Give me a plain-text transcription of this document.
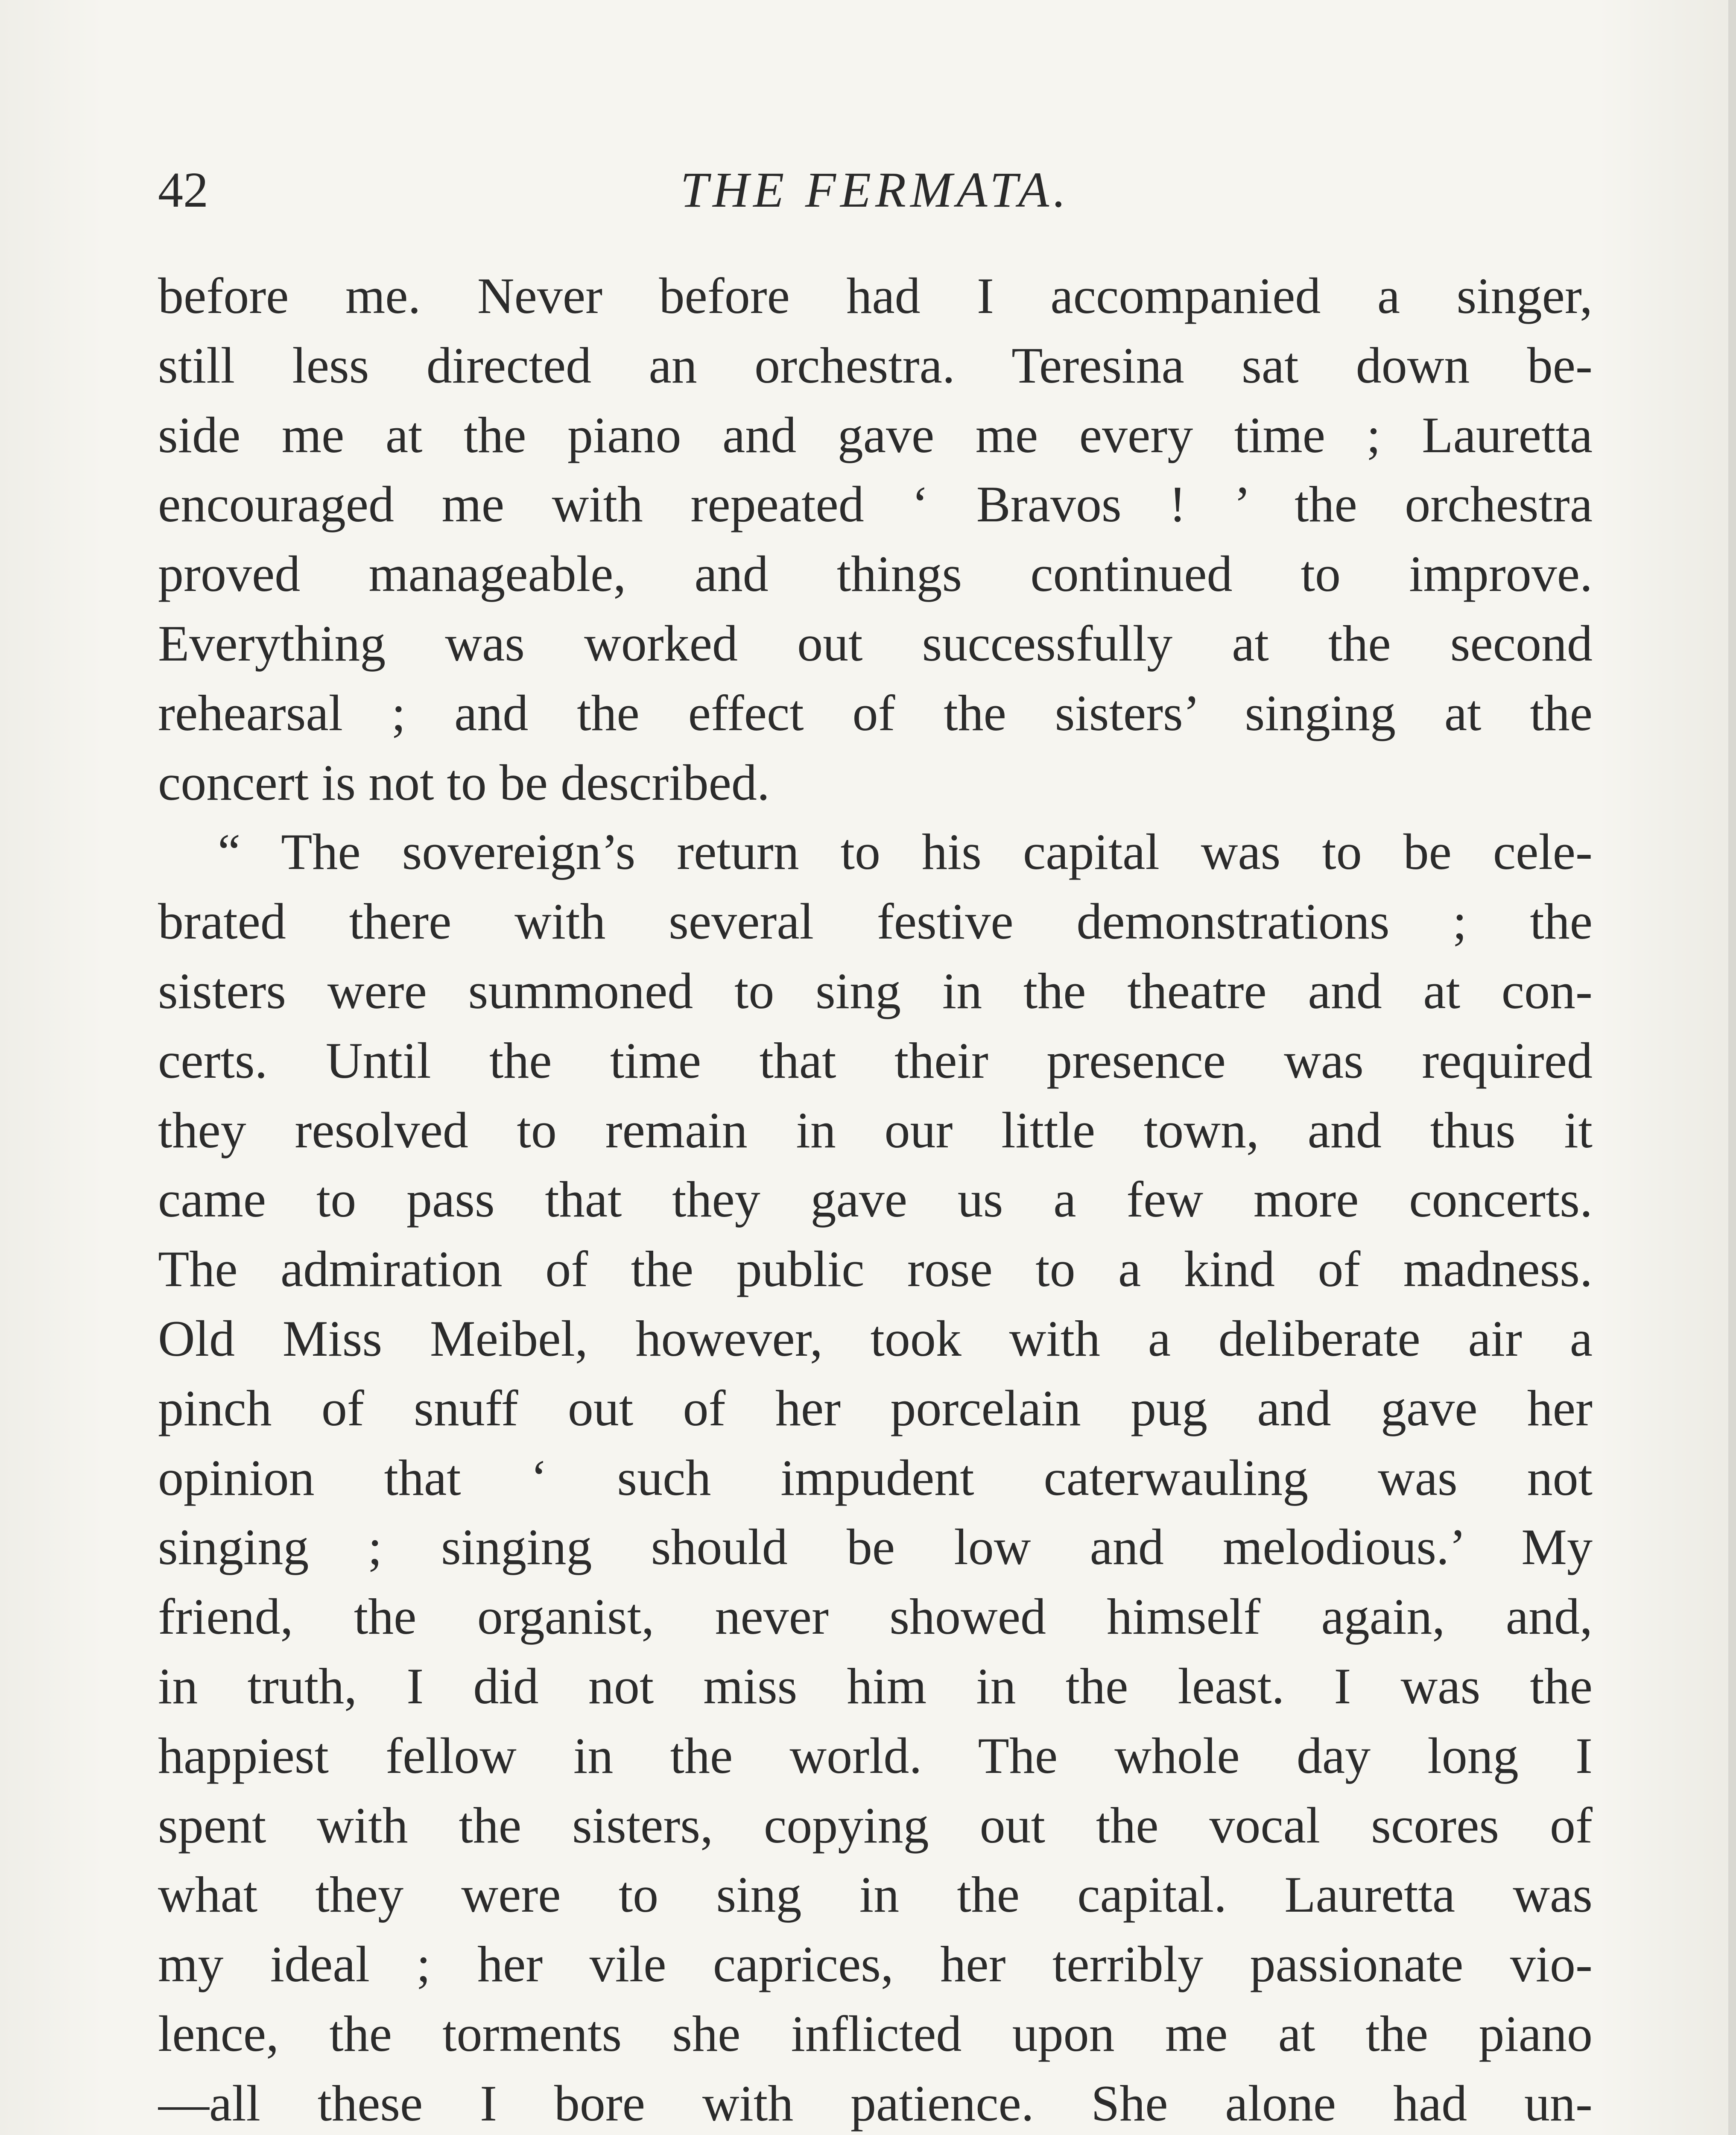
42	THE FERMATA.
before me. Never before had I accompanied a singer,
still less directed an orchestra. Teresina sat down be-
side me at the piano and gave me every time ; Lauretta
encouraged me with repeated ‘ Bravos ! ’ the orchestra
proved manageable, and things continued to improve.
Everything was worked out successfully at the second
rehearsal ; and the effect of the sisters’ singing at the
concert is not to be described.
“ The sovereign’s return to his capital was to be cele-
brated there with several festive demonstrations ; the
sisters were summoned to sing in the theatre and at con-
certs. Until the time that their presence was required
they resolved to remain in our little town, and thus it
came to pass that they gave us a few more concerts.
The admiration of the public rose to a kind of madness.
Old Miss Meibel, however, took with a deliberate air a
pinch of snuff out of her porcelain pug and gave her
opinion that ‘ such impudent caterwauling was not
singing ; singing should be low and melodious.’ My
friend, the organist, never showed himself again, and,
in truth, I did not miss him in the least. I was the
happiest fellow in the world. The whole day long I
spent with the sisters, copying out the vocal scores of
what they were to sing in the capital. Lauretta was
my ideal ; her vile caprices, her terribly passionate vio-
lence, the torments she inflicted upon me at the piano
—all these I bore with patience. She alone had un-
